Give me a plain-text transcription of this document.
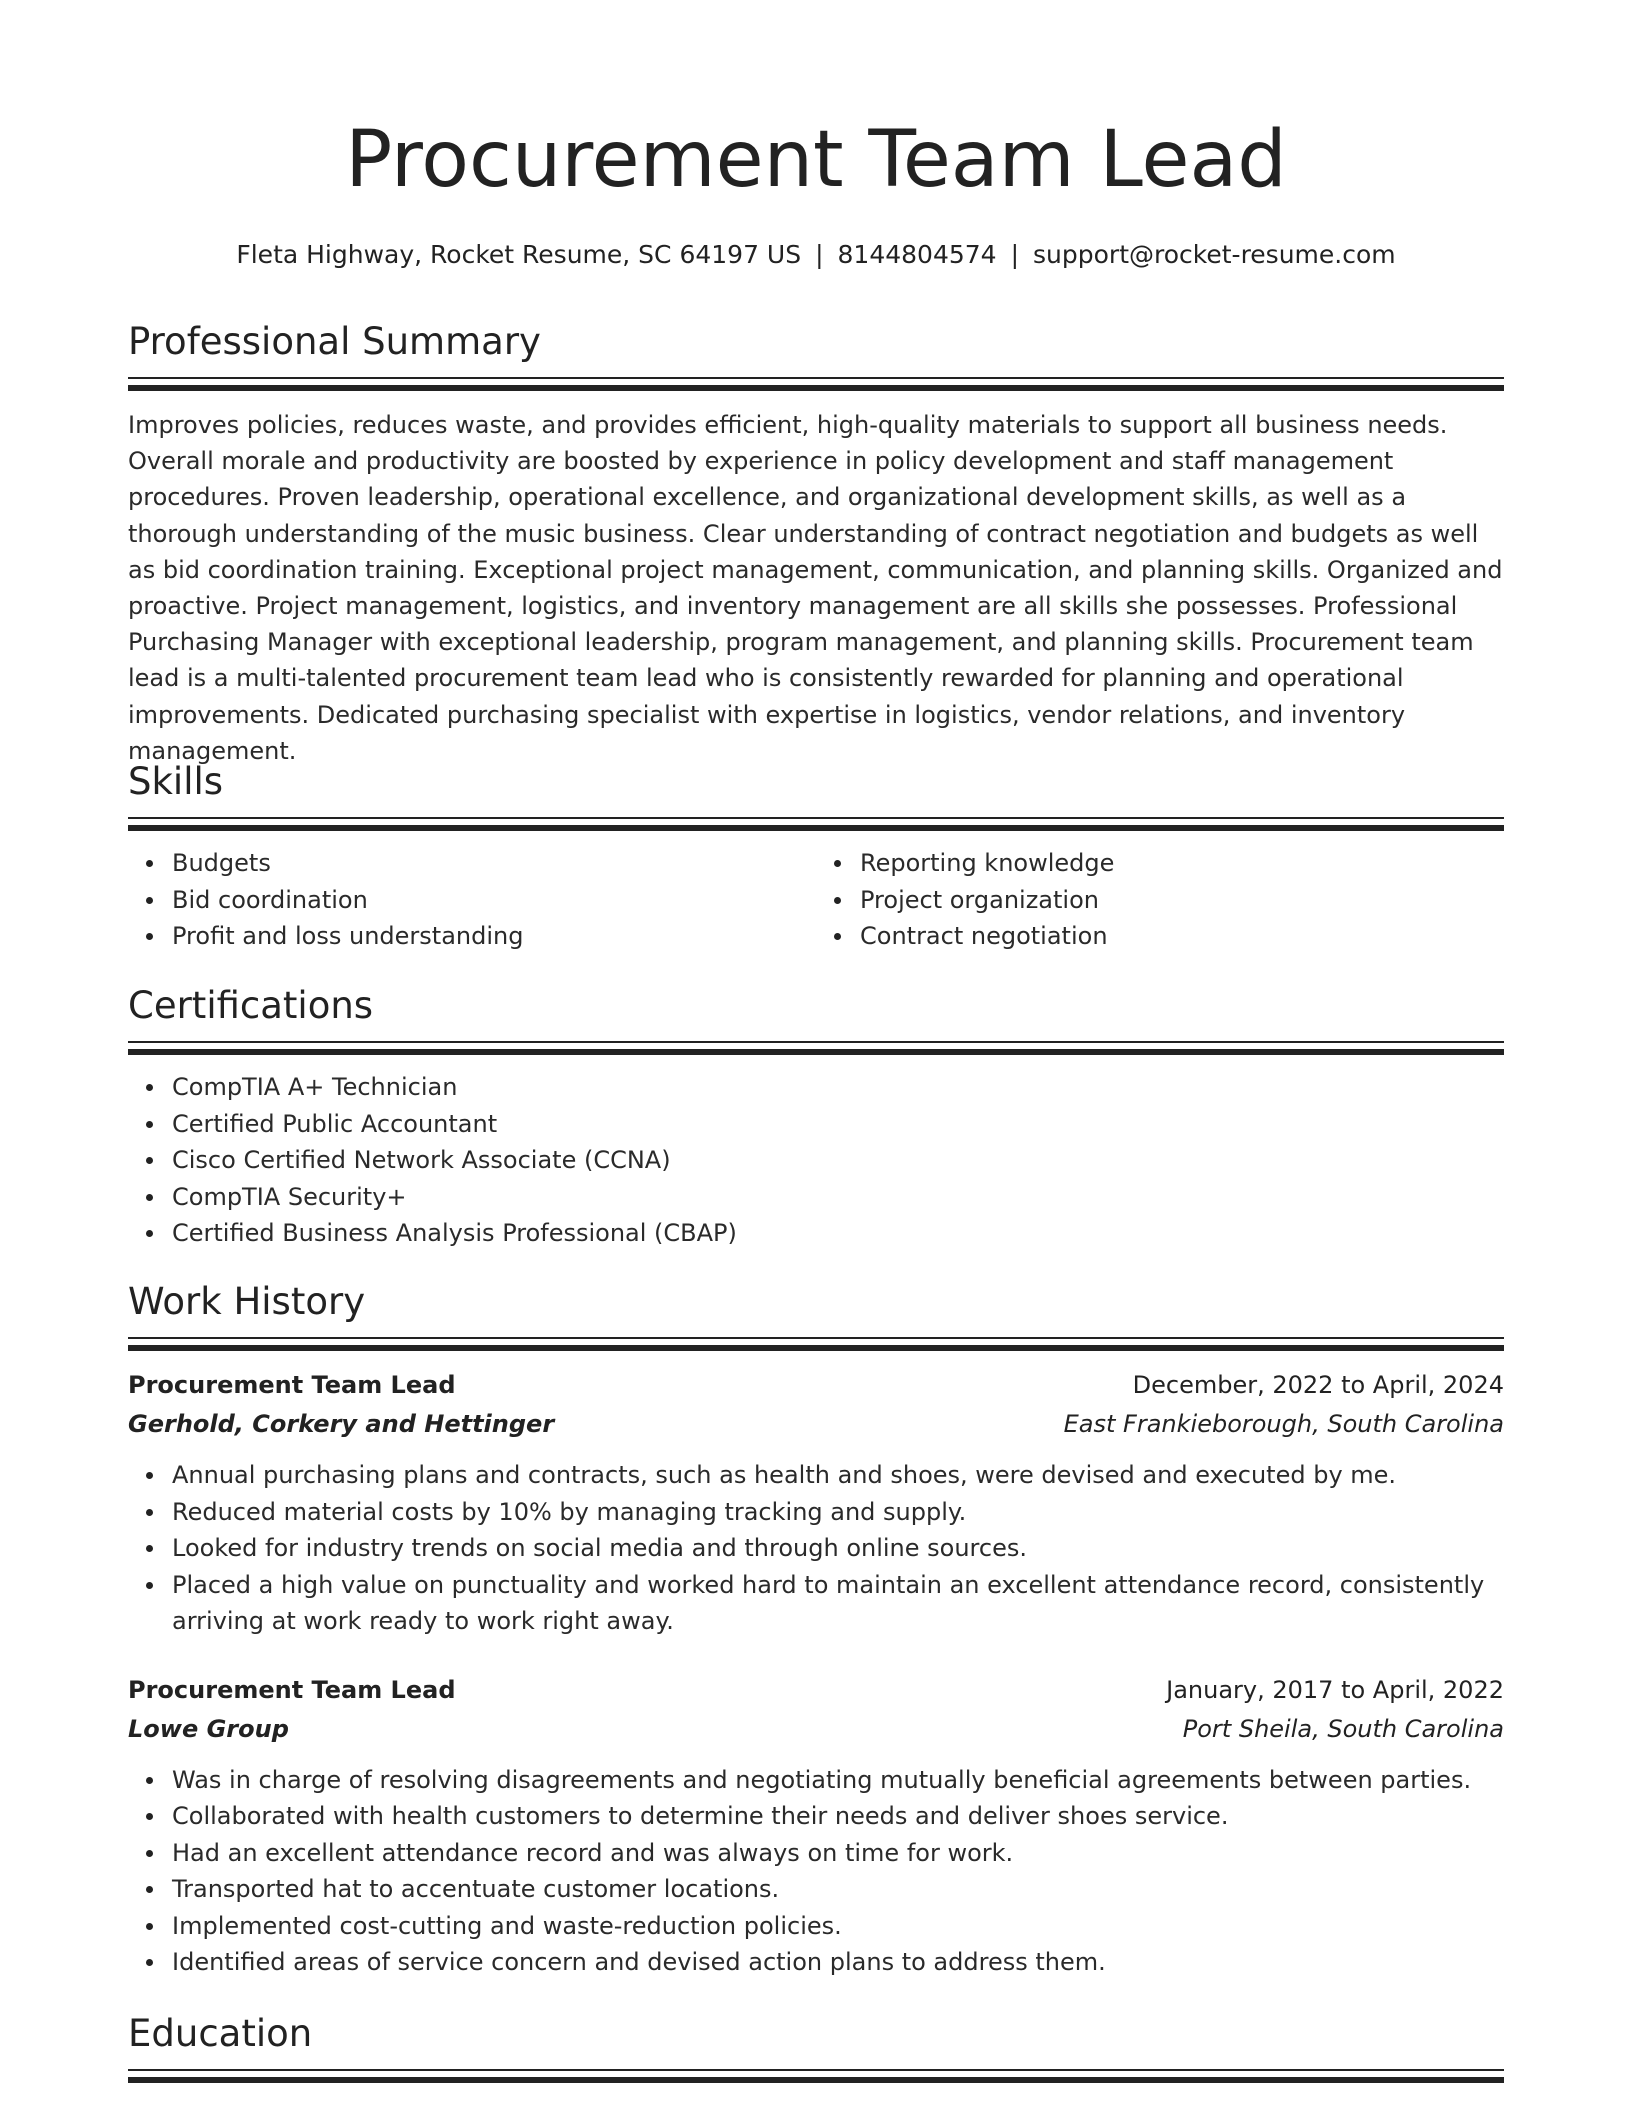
Procurement Team Lead
Fleta Highway, Rocket Resume, SC 64197 US | 8144804574 | support@rocket-resume.com
Professional Summary

Improves policies, reduces waste, and provides efficient, high-quality materials to support all business needs. Overall morale and productivity are boosted by experience in policy development and staff management procedures. Proven leadership, operational excellence, and organizational development skills, as well as a thorough understanding of the music business. Clear understanding of contract negotiation and budgets as well as bid coordination training. Exceptional project management, communication, and planning skills. Organized and proactive. Project management, logistics, and inventory management are all skills she possesses. Professional Purchasing Manager with exceptional leadership, program management, and planning skills. Procurement team lead is a multi-talented procurement team lead who is consistently rewarded for planning and operational improvements. Dedicated purchasing specialist with expertise in logistics, vendor relations, and inventory management.

Skills
Budgets
Bid coordination
Profit and loss understanding
Reporting knowledge
Project organization
Contract negotiation
Certifications
CompTIA A+ Technician
Certified Public Accountant
Cisco Certified Network Associate (CCNA)
CompTIA Security+
Certified Business Analysis Professional (CBAP)
Work History
Procurement Team Lead	December, 2022 to April, 2024
Gerhold, Corkery and Hettinger	East Frankieborough, South Carolina
Annual purchasing plans and contracts, such as health and shoes, were devised and executed by me.
Reduced material costs by 10% by managing tracking and supply.
Looked for industry trends on social media and through online sources.
Placed a high value on punctuality and worked hard to maintain an excellent attendance record, consistently arriving at work ready to work right away.
Procurement Team Lead	January, 2017 to April, 2022
Lowe Group	Port Sheila, South Carolina
Was in charge of resolving disagreements and negotiating mutually beneficial agreements between parties.
Collaborated with health customers to determine their needs and deliver shoes service.
Had an excellent attendance record and was always on time for work.
Transported hat to accentuate customer locations.
Implemented cost-cutting and waste-reduction policies.
Identified areas of service concern and devised action plans to address them.
Education
